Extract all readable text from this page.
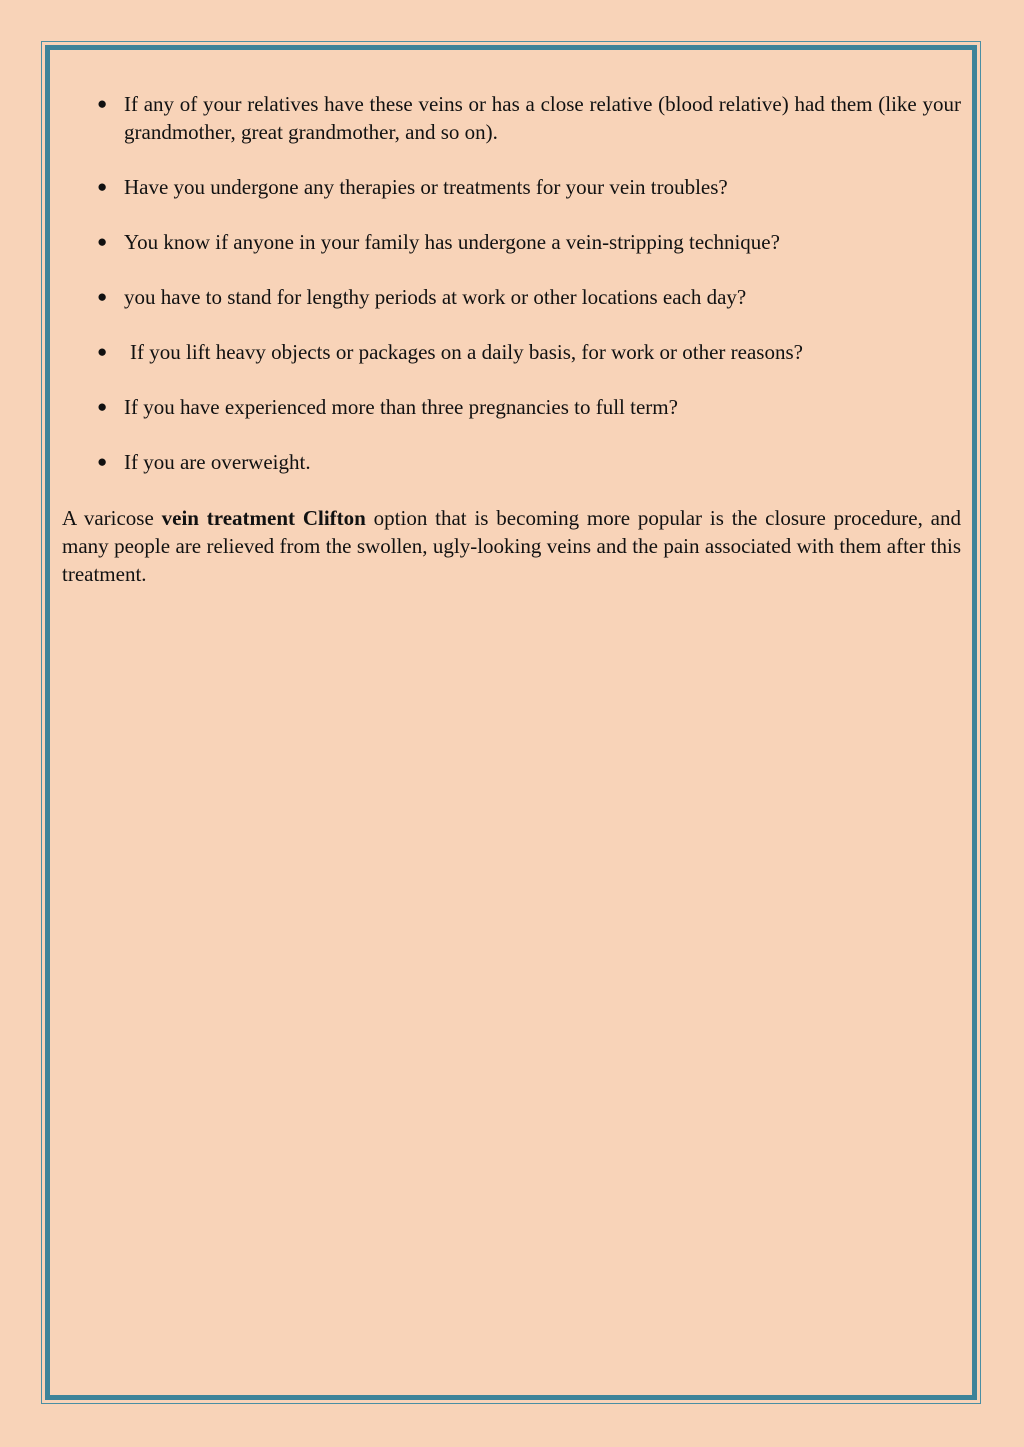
● If any of your relatives have these veins or has a close relative (blood relative) had them (like your grandmother, great grandmother, and so on).
● Have you undergone any therapies or treatments for your vein troubles?
● You know if anyone in your family has undergone a vein-stripping technique?
● you have to stand for lengthy periods at work or other locations each day?
● If you lift heavy objects or packages on a daily basis, for work or other reasons?
● If you have experienced more than three pregnancies to full term?
● If you are overweight.

A varicose vein treatment Clifton option that is becoming more popular is the closure procedure, and many people are relieved from the swollen, ugly-looking veins and the pain associated with them after this treatment.
